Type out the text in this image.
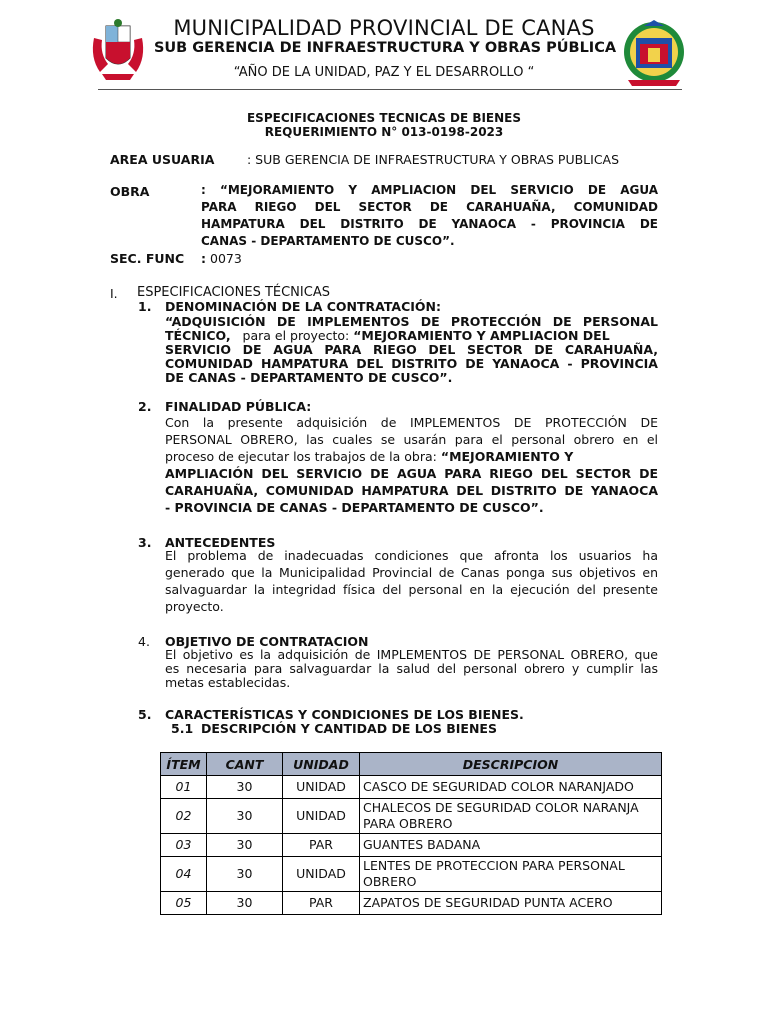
MUNICIPALIDAD PROVINCIAL DE CANAS
SUB GERENCIA DE INFRAESTRUCTURA Y OBRAS PÚBLICA
“AÑO DE LA UNIDAD, PAZ Y EL DESARROLLO “
ESPECIFICACIONES TECNICAS DE BIENES
REQUERIMIENTO N° 013-0198-2023
AREA USUARIA	: SUB GERENCIA DE INFRAESTRUCTURA Y OBRAS PUBLICAS
OBRA	: “MEJORAMIENTO Y AMPLIACION DEL SERVICIO DE AGUA
PARA RIEGO DEL SECTOR DE CARAHUAÑA, COMUNIDAD
HAMPATURA DEL DISTRITO DE YANAOCA - PROVINCIA DE
CANAS - DEPARTAMENTO DE CUSCO”.
SEC. FUNC : 0073
I. ESPECIFICACIONES TÉCNICAS
1. DENOMINACIÓN DE LA CONTRATACIÓN:
“ADQUISICIÓN DE IMPLEMENTOS DE PROTECCIÓN DE PERSONAL
TÉCNICO, para el proyecto: “MEJORAMIENTO Y AMPLIACION DEL
SERVICIO DE AGUA PARA RIEGO DEL SECTOR DE CARAHUAÑA,
COMUNIDAD HAMPATURA DEL DISTRITO DE YANAOCA - PROVINCIA
DE CANAS - DEPARTAMENTO DE CUSCO”.
2. FINALIDAD PÚBLICA:
Con la presente adquisición de IMPLEMENTOS DE PROTECCIÓN DE
PERSONAL OBRERO, las cuales se usarán para el personal obrero en el
proceso de ejecutar los trabajos de la obra: “MEJORAMIENTO Y
AMPLIACIÓN DEL SERVICIO DE AGUA PARA RIEGO DEL SECTOR DE
CARAHUAÑA, COMUNIDAD HAMPATURA DEL DISTRITO DE YANAOCA
- PROVINCIA DE CANAS - DEPARTAMENTO DE CUSCO”.
3. ANTECEDENTES
El problema de inadecuadas condiciones que afronta los usuarios ha
generado que la Municipalidad Provincial de Canas ponga sus objetivos en
salvaguardar la integridad física del personal en la ejecución del presente
proyecto.
4. OBJETIVO DE CONTRATACION
El objetivo es la adquisición de IMPLEMENTOS DE PERSONAL OBRERO, que
es necesaria para salvaguardar la salud del personal obrero y cumplir las
metas establecidas.
5. CARACTERÍSTICAS Y CONDICIONES DE LOS BIENES.
5.1 DESCRIPCIÓN Y CANTIDAD DE LOS BIENES
ÍTEM	CANT	UNIDAD	DESCRIPCION
01	30	UNIDAD	CASCO DE SEGURIDAD COLOR NARANJADO
02	30	UNIDAD	CHALECOS DE SEGURIDAD COLOR NARANJA PARA OBRERO
03	30	PAR	GUANTES BADANA
04	30	UNIDAD	LENTES DE PROTECCION PARA PERSONAL OBRERO
05	30	PAR	ZAPATOS DE SEGURIDAD PUNTA ACERO
